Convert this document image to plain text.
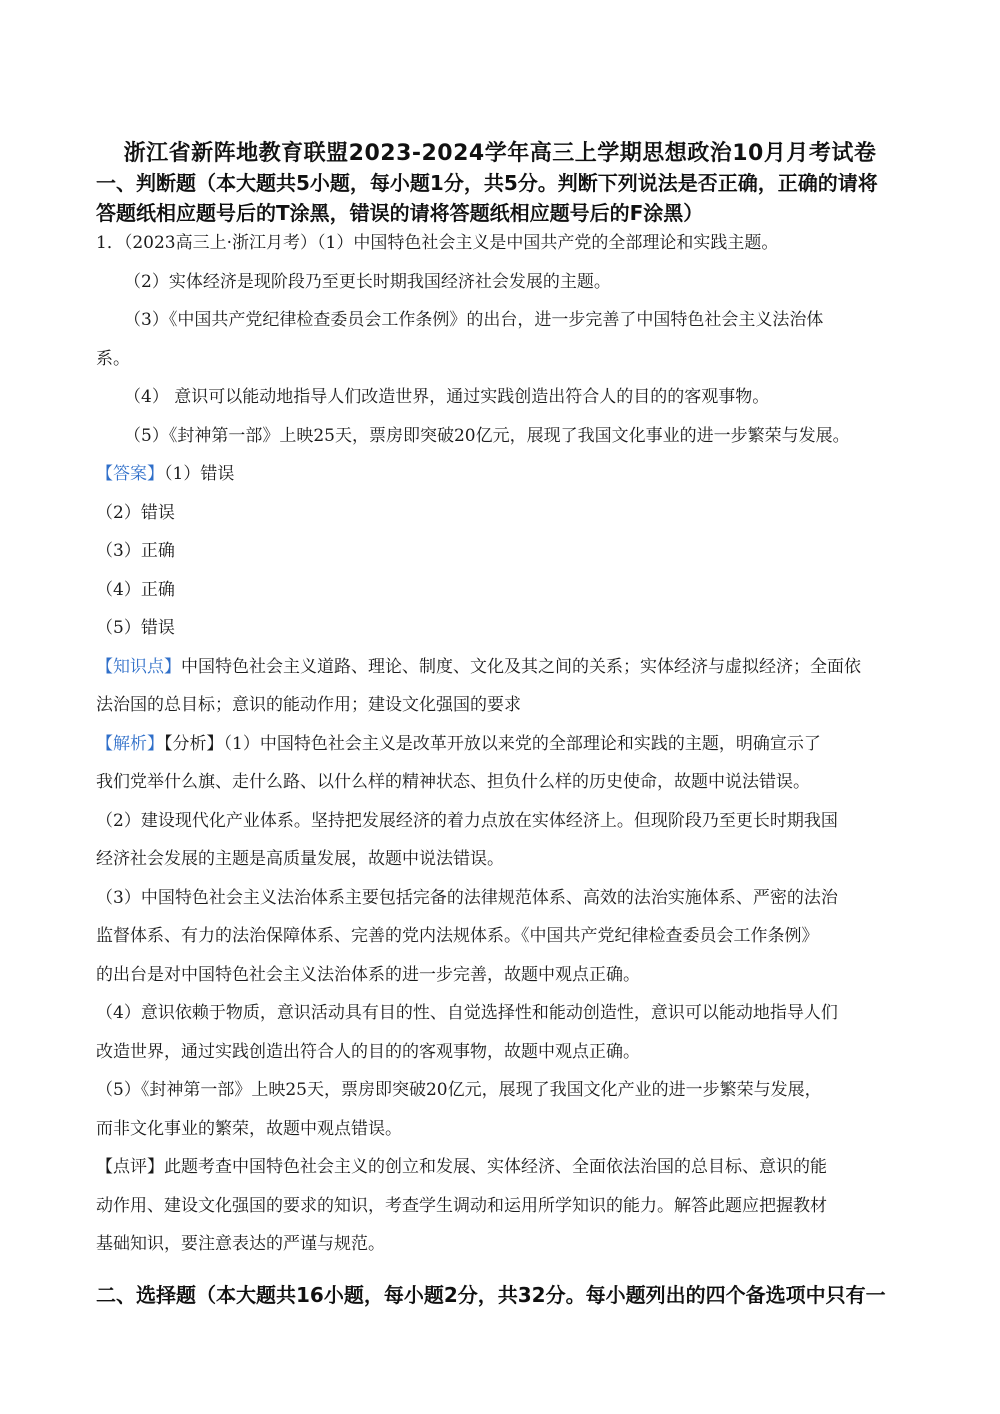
浙江省新阵地教育联盟2023-2024学年高三上学期思想政治10月月考试卷
一、判断题（本大题共5小题，每小题1分，共5分。判断下列说法是否正确，正确的请将
答题纸相应题号后的T涂黑，错误的请将答题纸相应题号后的F涂黑）
1．（2023高三上·浙江月考）（1）中国特色社会主义是中国共产党的全部理论和实践主题。
（2）实体经济是现阶段乃至更长时期我国经济社会发展的主题。
（3）《中国共产党纪律检查委员会工作条例》的出台，进一步完善了中国特色社会主义法治体
系。
（4） 意识可以能动地指导人们改造世界，通过实践创造出符合人的目的的客观事物。
（5）《封神第一部》上映25天，票房即突破20亿元，展现了我国文化事业的进一步繁荣与发展。
【答案】（1）错误
（2）错误
（3）正确
（4）正确
（5）错误
【知识点】中国特色社会主义道路、理论、制度、文化及其之间的关系；实体经济与虚拟经济；全面依
法治国的总目标；意识的能动作用；建设文化强国的要求
【解析】【分析】（1）中国特色社会主义是改革开放以来党的全部理论和实践的主题，明确宣示了
我们党举什么旗、走什么路、以什么样的精神状态、担负什么样的历史使命，故题中说法错误。
（2）建设现代化产业体系。坚持把发展经济的着力点放在实体经济上。但现阶段乃至更长时期我国
经济社会发展的主题是高质量发展，故题中说法错误。
（3）中国特色社会主义法治体系主要包括完备的法律规范体系、高效的法治实施体系、严密的法治
监督体系、有力的法治保障体系、完善的党内法规体系。《中国共产党纪律检查委员会工作条例》
的出台是对中国特色社会主义法治体系的进一步完善，故题中观点正确。
（4）意识依赖于物质，意识活动具有目的性、自觉选择性和能动创造性，意识可以能动地指导人们
改造世界，通过实践创造出符合人的目的的客观事物，故题中观点正确。
（5）《封神第一部》上映25天，票房即突破20亿元，展现了我国文化产业的进一步繁荣与发展，
而非文化事业的繁荣，故题中观点错误。
【点评】此题考查中国特色社会主义的创立和发展、实体经济、全面依法治国的总目标、意识的能
动作用、建设文化强国的要求的知识，考查学生调动和运用所学知识的能力。解答此题应把握教材
基础知识，要注意表达的严谨与规范。
二、选择题（本大题共16小题，每小题2分，共32分。每小题列出的四个备选项中只有一
